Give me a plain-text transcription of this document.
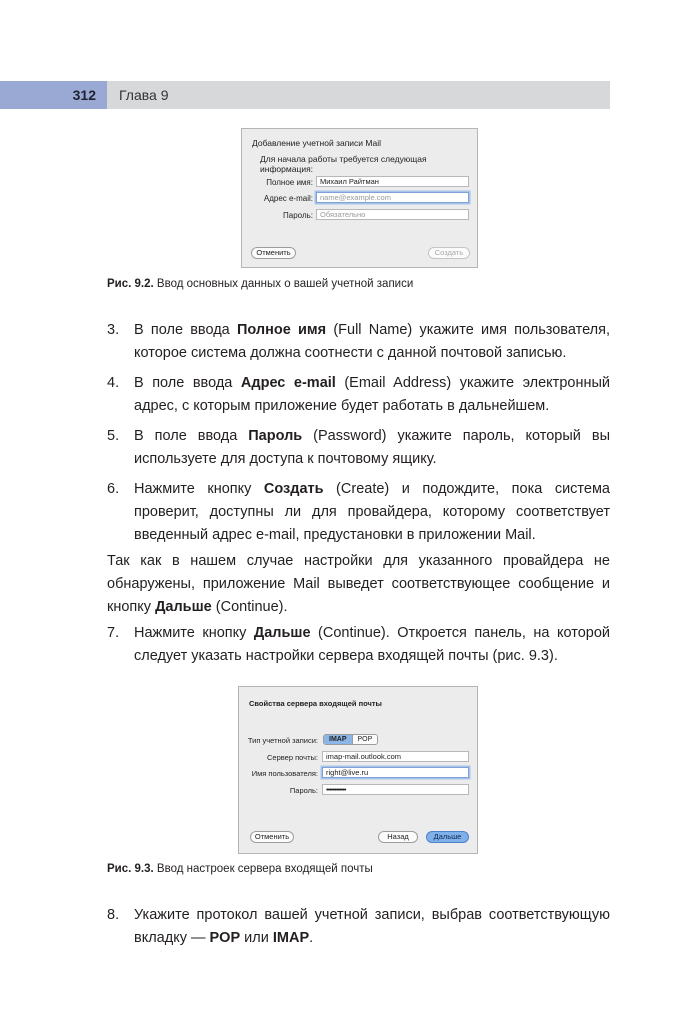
312	Глава 9
Добавление учетной записи Mail
Для начала работы требуется следующая информация:
Полное имя: Михаил Райтман
Адрес e-mail: name@example.com
Пароль: Обязательно
Отменить	Создать
Рис. 9.2. Ввод основных данных о вашей учетной записи
3. В поле ввода Полное имя (Full Name) укажите имя пользователя, которое система должна соотнести с данной почтовой записью.
4. В поле ввода Адрес e-mail (Email Address) укажите электронный адрес, с которым приложение будет работать в дальнейшем.
5. В поле ввода Пароль (Password) укажите пароль, который вы используете для доступа к почтовому ящику.
6. Нажмите кнопку Создать (Create) и подождите, пока система проверит, доступны ли для провайдера, которому соответствует введенный адрес e-mail, предустановки в приложении Mail.
Так как в нашем случае настройки для указанного провайдера не обнаружены, приложение Mail выведет соответствующее сообщение и кнопку Дальше (Continue).
7. Нажмите кнопку Дальше (Continue). Откроется панель, на которой следует указать настройки сервера входящей почты (рис. 9.3).
Свойства сервера входящей почты
Тип учетной записи:	IMAP	POP
Сервер почты:	imap-mail.outlook.com
Имя пользователя:	right@live.ru
Пароль:	••••••••••••
Отменить	Назад	Дальше
Рис. 9.3. Ввод настроек сервера входящей почты
8. Укажите протокол вашей учетной записи, выбрав соответствующую вкладку — POP или IMAP.
